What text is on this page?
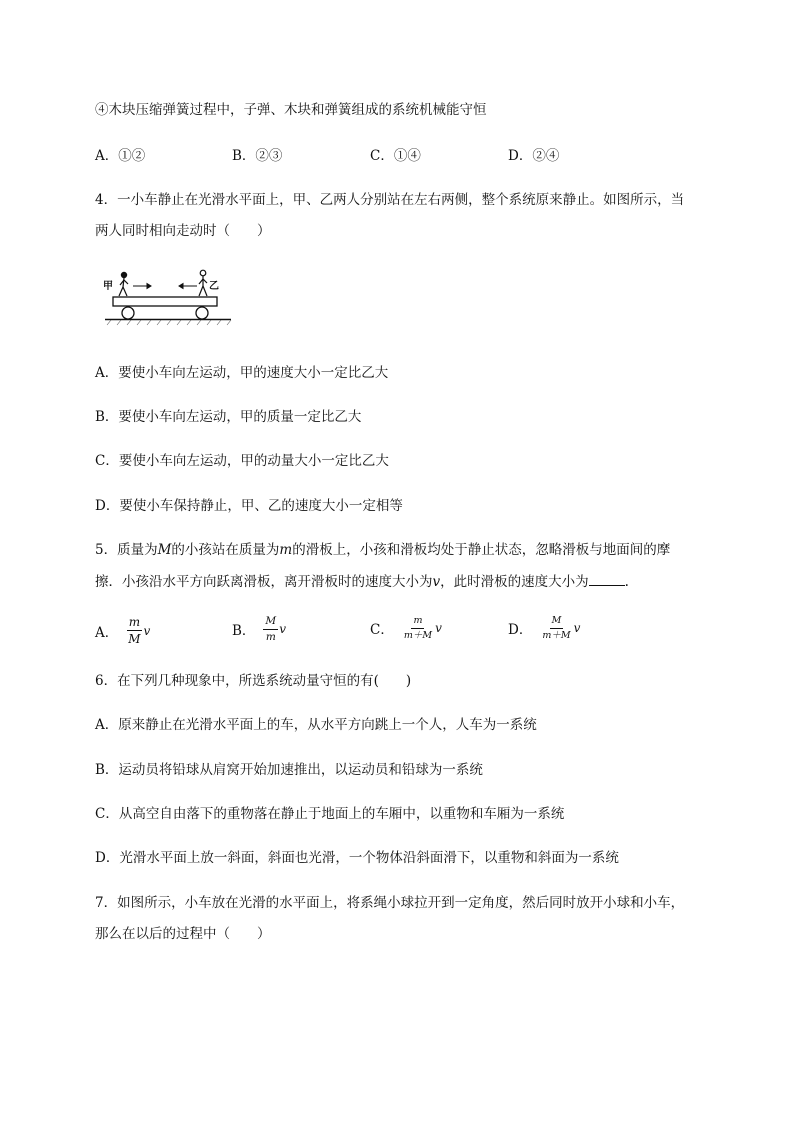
④木块压缩弹簧过程中，子弹、木块和弹簧组成的系统机械能守恒
A．①②	B．②③	C．①④	D．②④
4．一小车静止在光滑水平面上，甲、乙两人分别站在左右两侧，整个系统原来静止。如图所示，当
两人同时相向走动时（　　）
甲	乙
A．要使小车向左运动，甲的速度大小一定比乙大
B．要使小车向左运动，甲的质量一定比乙大
C．要使小车向左运动，甲的动量大小一定比乙大
D．要使小车保持静止，甲、乙的速度大小一定相等
5．质量为M的小孩站在质量为m的滑板上，小孩和滑板均处于静止状态，忽略滑板与地面间的摩
擦．小孩沿水平方向跃离滑板，离开滑板时的速度大小为v，此时滑板的速度大小为	.
A． $\frac{m}{M}$ v	B． $\frac{M}{m}$ v	C． $\frac{m}{m+M}$ v	D． $\frac{M}{m+M}$ v
6．在下列几种现象中，所选系统动量守恒的有(　　)
A．原来静止在光滑水平面上的车，从水平方向跳上一个人，人车为一系统
B．运动员将铅球从肩窝开始加速推出，以运动员和铅球为一系统
C．从高空自由落下的重物落在静止于地面上的车厢中，以重物和车厢为一系统
D．光滑水平面上放一斜面，斜面也光滑，一个物体沿斜面滑下，以重物和斜面为一系统
7．如图所示，小车放在光滑的水平面上，将系绳小球拉开到一定角度，然后同时放开小球和小车，
那么在以后的过程中（　　）
